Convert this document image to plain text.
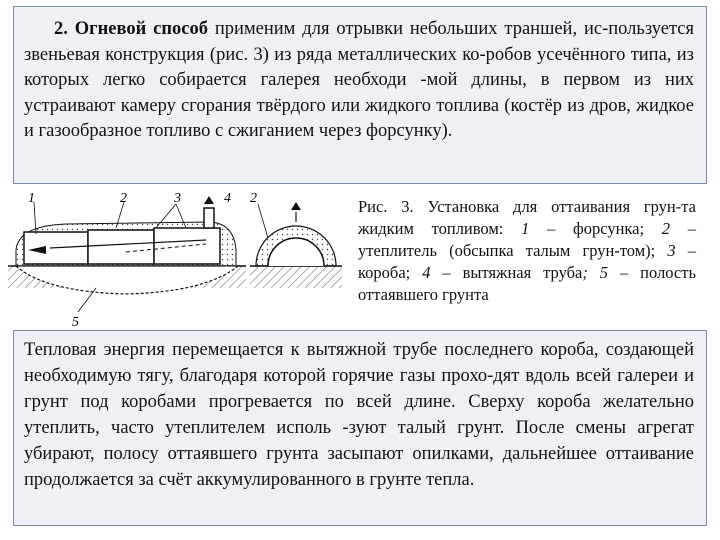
2. Огневой способ применим для отрывки небольших траншей, ис-пользуется звеньевая конструкция (рис. 3) из ряда металлических ко-робов усечённого типа, из которых легко собирается галерея необходи -мой длины, в первом из них устраивают камеру сгорания твёрдого или жидкого топлива (костёр из дров, жидкое и газообразное топливо с сжиганием через форсунку).

1	2	3	4 2
5
Рис. 3. Установка для оттаивания грун-та жидким топливом: 1 – форсунка; 2 – утеплитель (обсыпка талым грун-том); 3 – короба; 4 – вытяжная труба; 5 – полость оттаявшего грунта

Тепловая энергия перемещается к вытяжной трубе последнего короба, создающей необходимую тягу, благодаря которой горячие газы прохо-дят вдоль всей галереи и грунт под коробами прогревается по всей длине. Сверху короба желательно утеплить, часто утеплителем исполь -зуют талый грунт. После смены агрегат убирают, полосу оттаявшего грунта засыпают опилками, дальнейшее оттаивание продолжается за счёт аккумулированного в грунте тепла.
